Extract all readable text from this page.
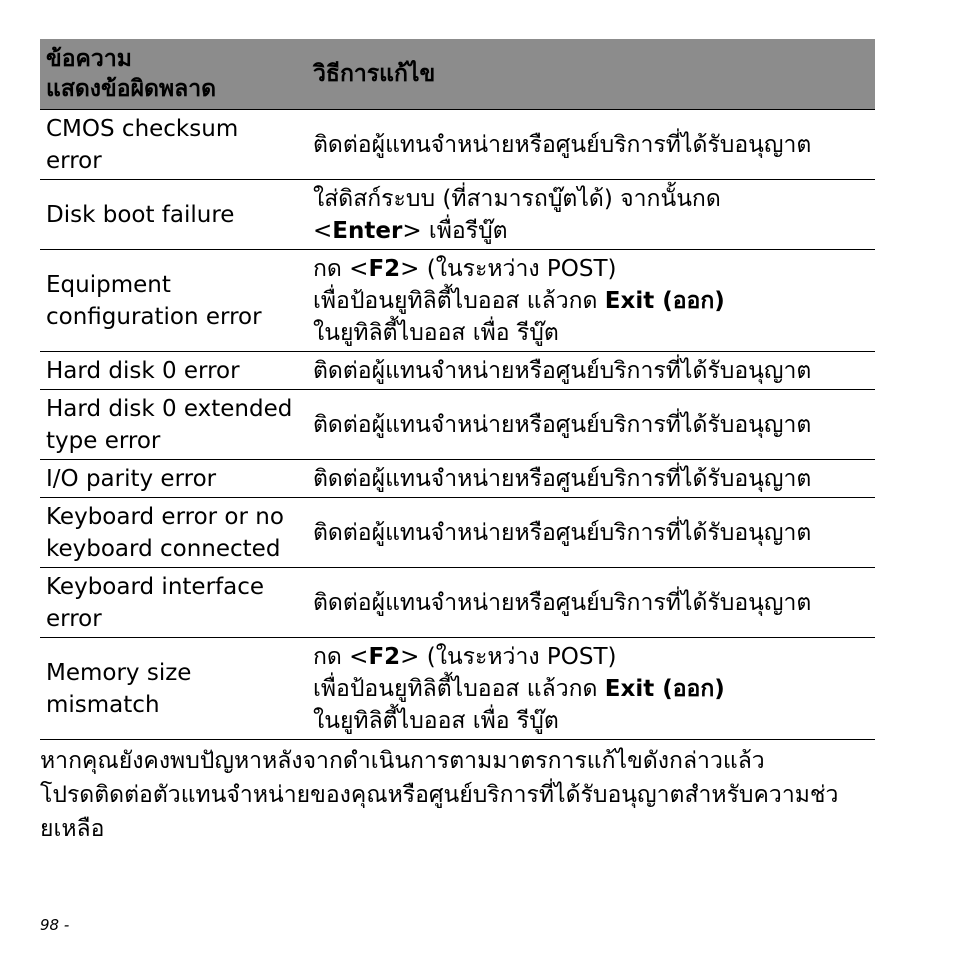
ข้อความ
แสดงข้อผิดพลาด	วิธีการแก้ไข

CMOS checksum
error	ติดต่อผู้แทนจำหน่ายหรือศูนย์บริการที่ได้รับอนุญาต

Disk boot failure	ใส่ดิสก์ระบบ (ที่สามารถบู๊ตได้) จากนั้นกด
<Enter> เพื่อรีบู๊ต

Equipment
configuration error	กด <F2> (ในระหว่าง POST)
เพื่อป้อนยูทิลิตี้ไบออส แล้วกด Exit (ออก)
ในยูทิลิตี้ไบออส เพื่อ รีบู๊ต

Hard disk 0 error	ติดต่อผู้แทนจำหน่ายหรือศูนย์บริการที่ได้รับอนุญาต

Hard disk 0 extended
type error	ติดต่อผู้แทนจำหน่ายหรือศูนย์บริการที่ได้รับอนุญาต

I/O parity error	ติดต่อผู้แทนจำหน่ายหรือศูนย์บริการที่ได้รับอนุญาต

Keyboard error or no
keyboard connected	ติดต่อผู้แทนจำหน่ายหรือศูนย์บริการที่ได้รับอนุญาต

Keyboard interface
error	ติดต่อผู้แทนจำหน่ายหรือศูนย์บริการที่ได้รับอนุญาต

Memory size
mismatch	กด <F2> (ในระหว่าง POST)
เพื่อป้อนยูทิลิตี้ไบออส แล้วกด Exit (ออก)
ในยูทิลิตี้ไบออส เพื่อ รีบู๊ต
หากคุณยังคงพบปัญหาหลังจากดำเนินการตามมาตรการแก้ไขดังกล่าวแล้ว
โปรดติดต่อตัวแทนจำหน่ายของคุณหรือศูนย์บริการที่ได้รับอนุญาตสำหรับความช่ว
ยเหลือ
98 -
